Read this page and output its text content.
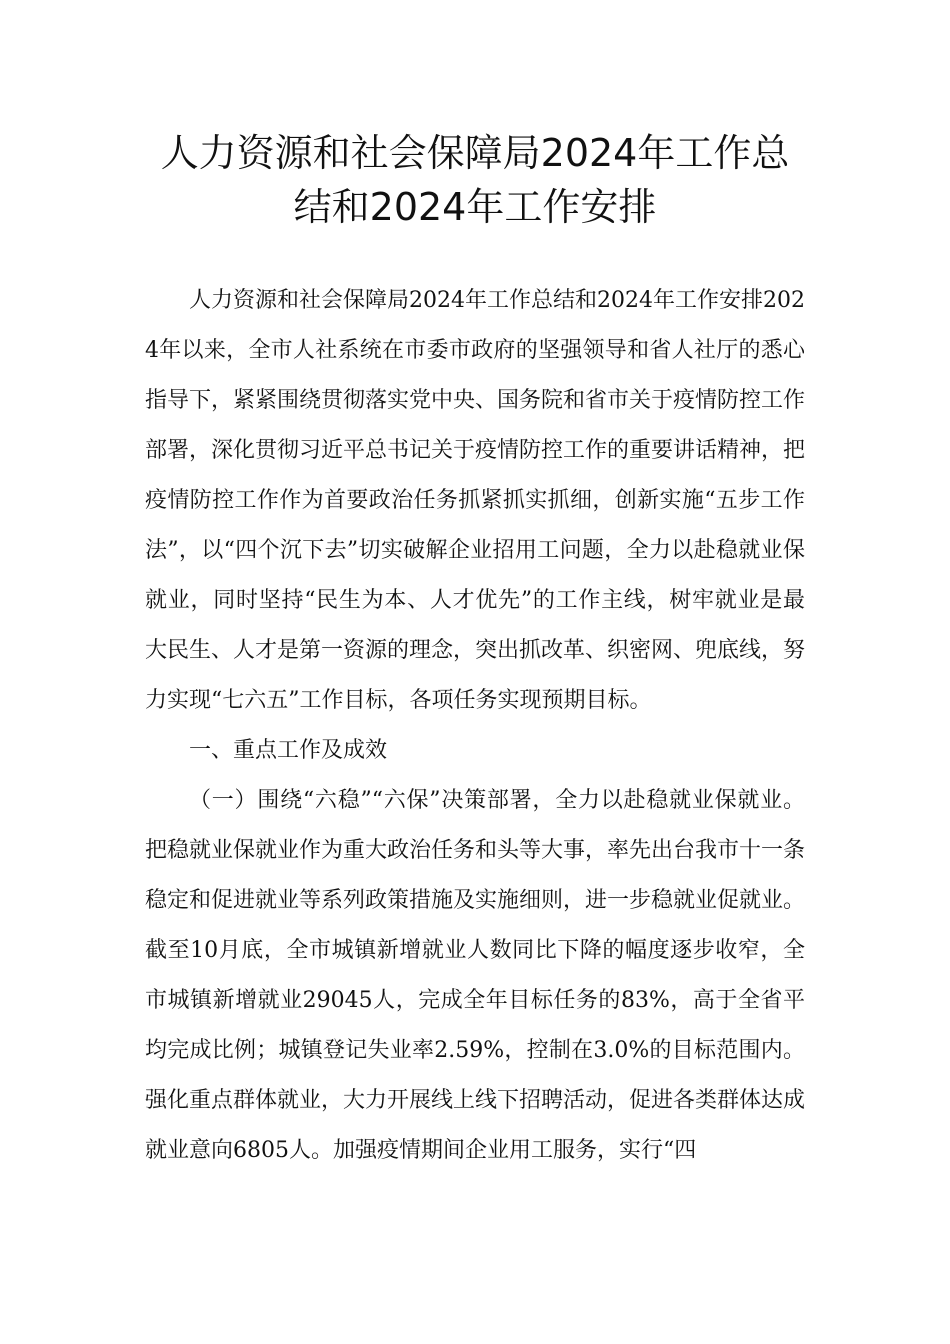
人力资源和社会保障局2024年工作总
结和2024年工作安排

人力资源和社会保障局2024年工作总结和2024年工作安排2024年以来，全市人社系统在市委市政府的坚强领导和省人社厅的悉心指导下，紧紧围绕贯彻落实党中央、国务院和省市关于疫情防控工作部署，深化贯彻习近平总书记关于疫情防控工作的重要讲话精神，把疫情防控工作作为首要政治任务抓紧抓实抓细，创新实施“五步工作法”，以“四个沉下去”切实破解企业招用工问题，全力以赴稳就业保就业，同时坚持“民生为本、人才优先”的工作主线，树牢就业是最大民生、人才是第一资源的理念，突出抓改革、织密网、兜底线，努力实现“七六五”工作目标，各项任务实现预期目标。

一、重点工作及成效

（一）围绕“六稳”“六保”决策部署，全力以赴稳就业保就业。把稳就业保就业作为重大政治任务和头等大事，率先出台我市十一条稳定和促进就业等系列政策措施及实施细则，进一步稳就业促就业。截至10月底，全市城镇新增就业人数同比下降的幅度逐步收窄，全市城镇新增就业29045人，完成全年目标任务的83%，高于全省平均完成比例；城镇登记失业率2.59%，控制在3.0%的目标范围内。强化重点群体就业，大力开展线上线下招聘活动，促进各类群体达成就业意向6805人。加强疫情期间企业用工服务，实行“四
